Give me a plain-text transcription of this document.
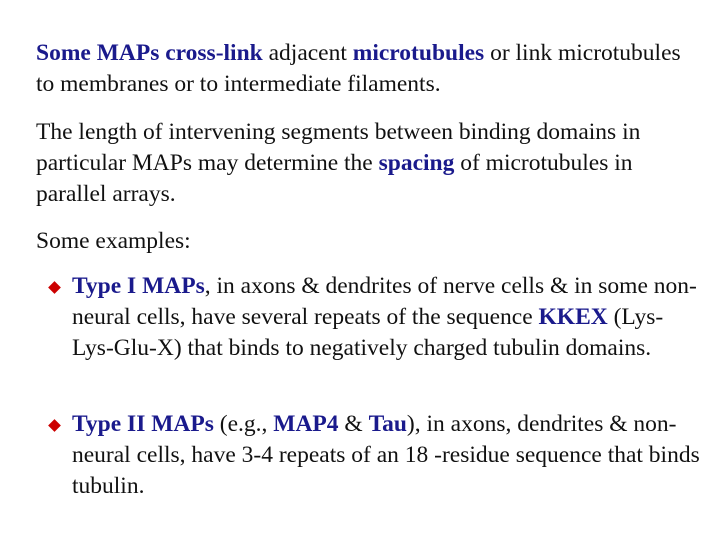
Some MAPs cross-link adjacent microtubules or link microtubules to membranes or to intermediate filaments.

The length of intervening segments between binding domains in particular MAPs may determine the spacing of microtubules in parallel arrays.

Some examples:

Type I MAPs, in axons & dendrites of nerve cells & in some non-neural cells, have several repeats of the sequence KKEX (Lys-Lys-Glu-X) that binds to negatively charged tubulin domains.
Type II MAPs (e.g., MAP4 & Tau), in axons, dendrites & non-neural cells, have 3-4 repeats of an 18 -residue sequence that binds tubulin.
